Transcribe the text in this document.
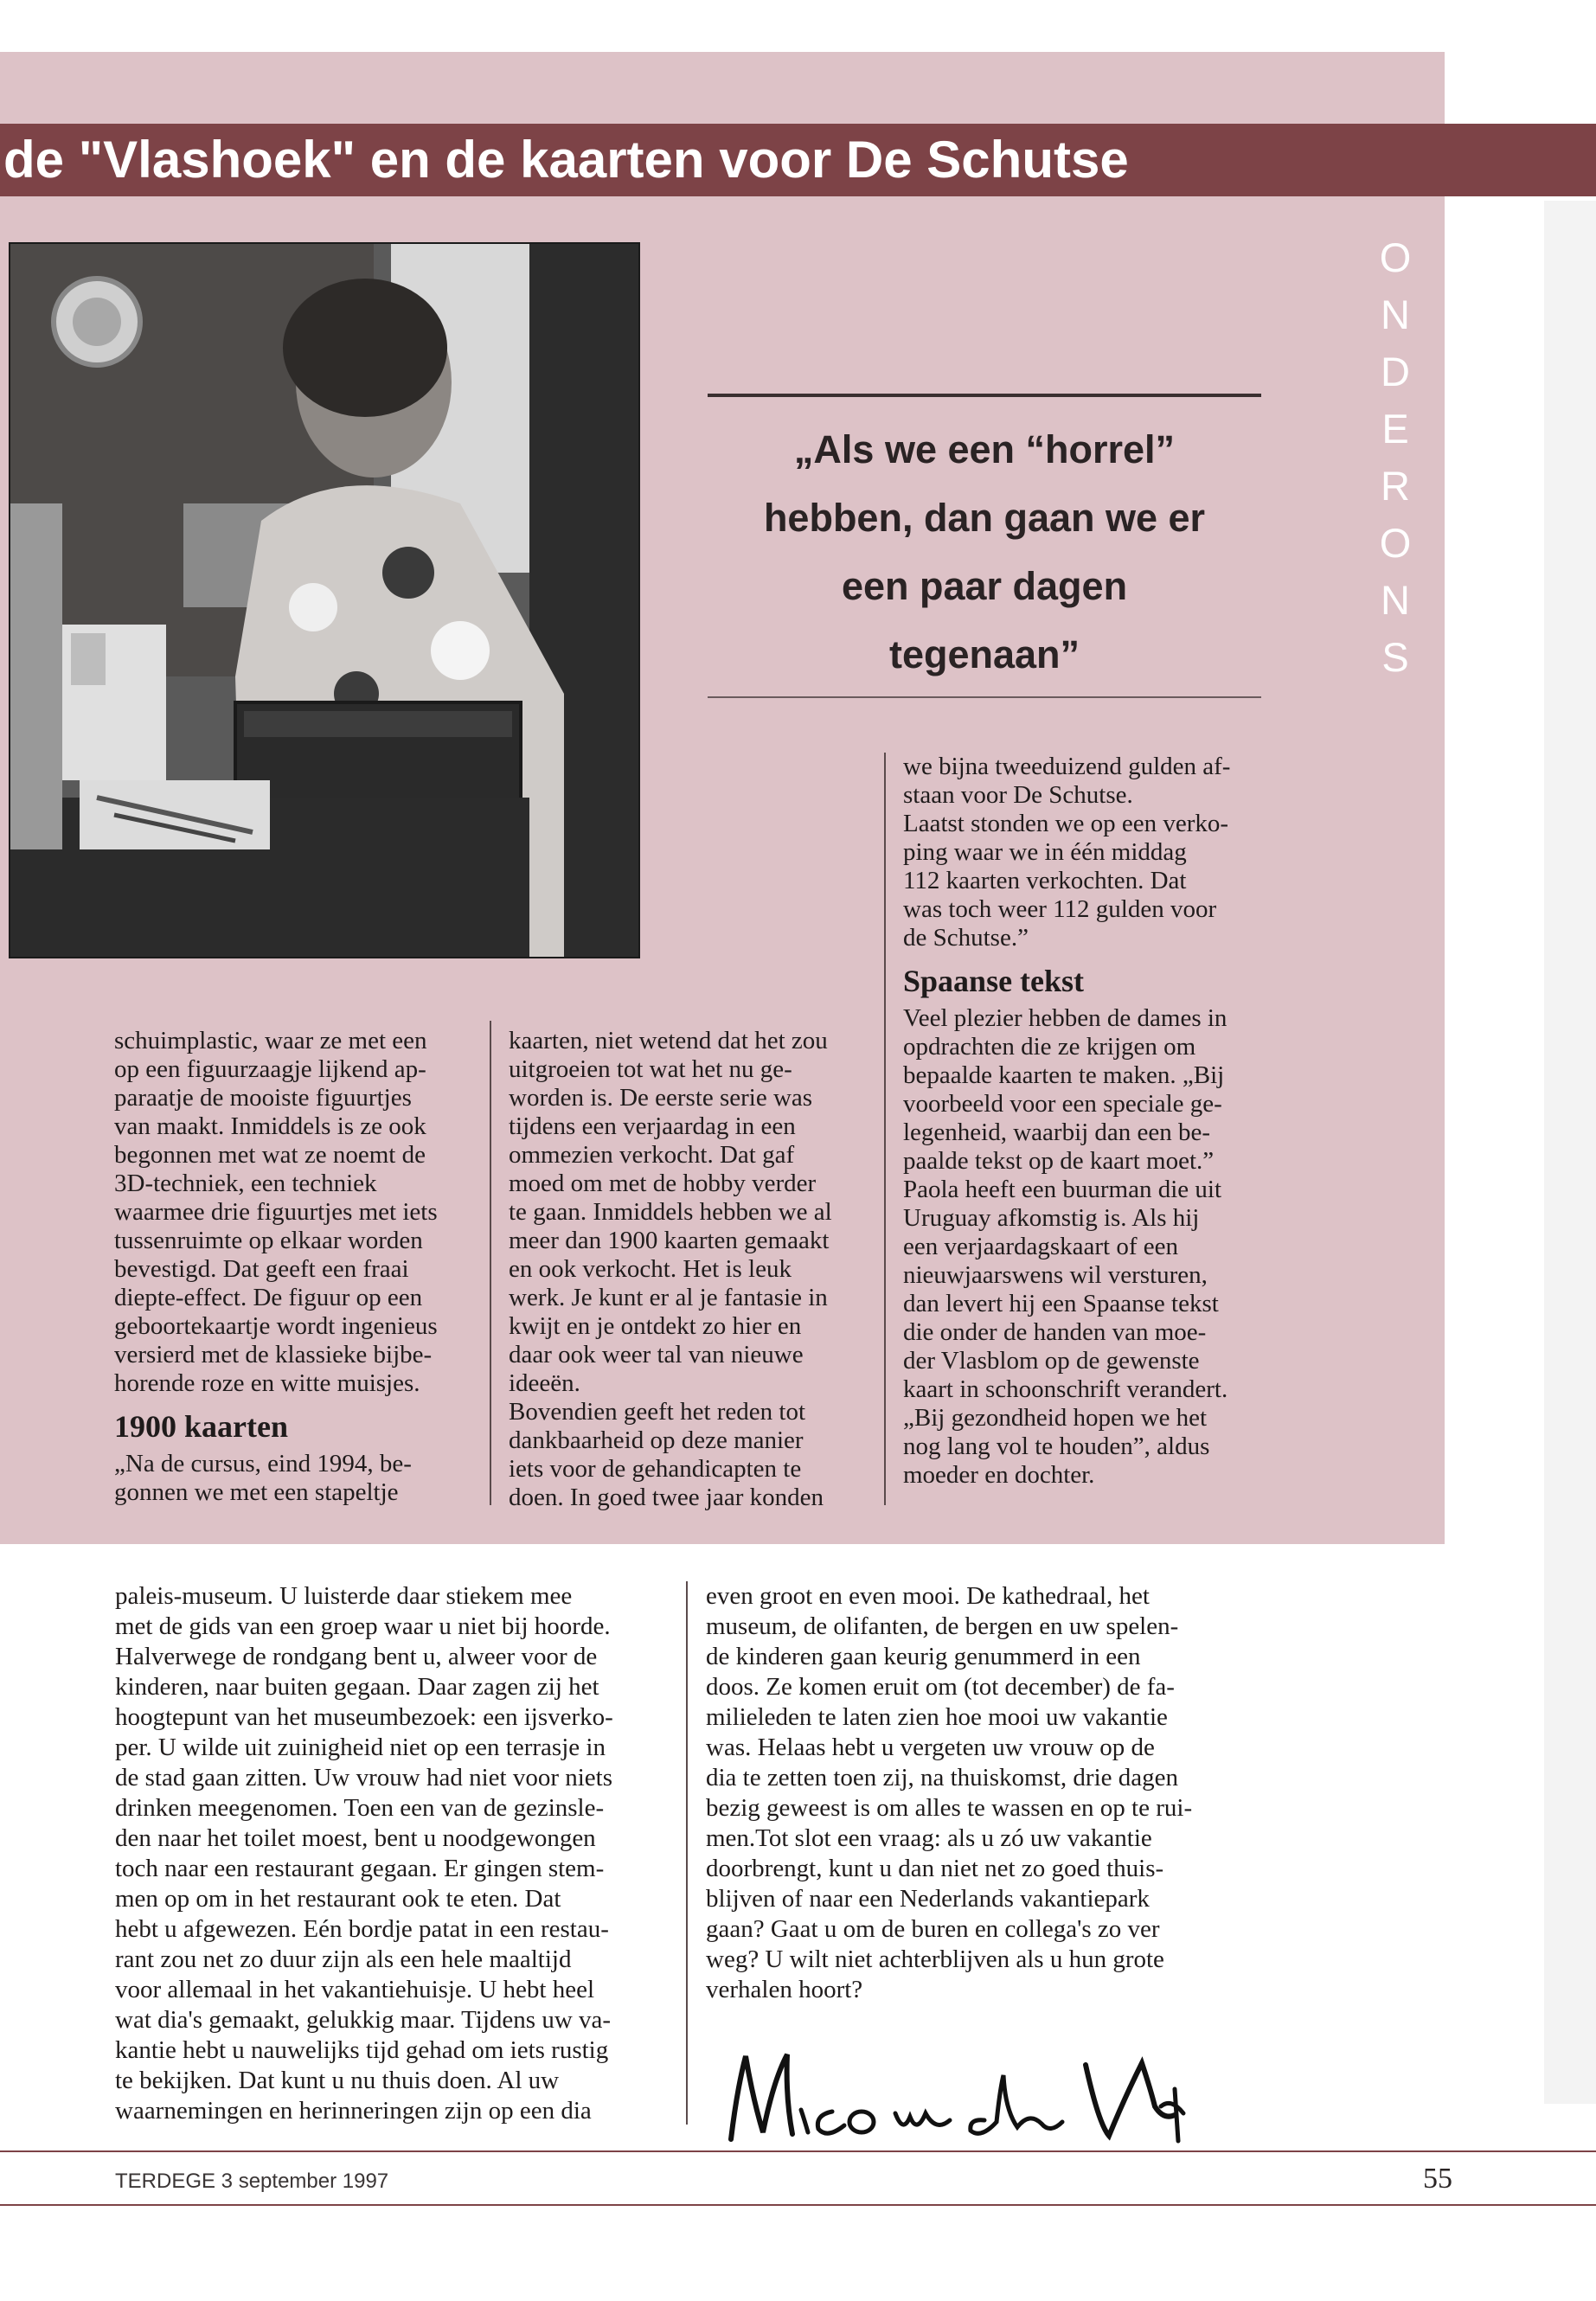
de "Vlashoek" en de kaarten voor De Schutse
O
N
D
E
R
O
N
S
„Als we een “horrel”
hebben, dan gaan we er
een paar dagen
tegenaan”

schuimplastic, waar ze met een

op een figuurzaagje lijkend ap-

paraatje de mooiste figuurtjes

van maakt. Inmiddels is ze ook

begonnen met wat ze noemt de

3D-techniek, een techniek

waarmee drie figuurtjes met iets

tussenruimte op elkaar worden

bevestigd. Dat geeft een fraai

diepte-effect. De figuur op een

geboortekaartje wordt ingenieus

versierd met de klassieke bijbe-

horende roze en witte muisjes.

1900 kaarten

„Na de cursus, eind 1994, be-

gonnen we met een stapeltje

kaarten, niet wetend dat het zou

uitgroeien tot wat het nu ge-

worden is. De eerste serie was

tijdens een verjaardag in een

ommezien verkocht. Dat gaf

moed om met de hobby verder

te gaan. Inmiddels hebben we al

meer dan 1900 kaarten gemaakt

en ook verkocht. Het is leuk

werk. Je kunt er al je fantasie in

kwijt en je ontdekt zo hier en

daar ook weer tal van nieuwe

ideeën.

Bovendien geeft het reden tot

dankbaarheid op deze manier

iets voor de gehandicapten te

doen. In goed twee jaar konden

we bijna tweeduizend gulden af-

staan voor De Schutse.

Laatst stonden we op een verko-

ping waar we in één middag

112 kaarten verkochten. Dat

was toch weer 112 gulden voor

de Schutse.”

Spaanse tekst

Veel plezier hebben de dames in

opdrachten die ze krijgen om

bepaalde kaarten te maken. „Bij

voorbeeld voor een speciale ge-

legenheid, waarbij dan een be-

paalde tekst op de kaart moet.”

Paola heeft een buurman die uit

Uruguay afkomstig is. Als hij

een verjaardagskaart of een

nieuwjaarswens wil versturen,

dan levert hij een Spaanse tekst

die onder de handen van moe-

der Vlasblom op de gewenste

kaart in schoonschrift verandert.

„Bij gezondheid hopen we het

nog lang vol te houden”, aldus

moeder en dochter.

paleis-museum. U luisterde daar stiekem mee

met de gids van een groep waar u niet bij hoorde.

Halverwege de rondgang bent u, alweer voor de

kinderen, naar buiten gegaan. Daar zagen zij het

hoogtepunt van het museumbezoek: een ijsverko-

per. U wilde uit zuinigheid niet op een terrasje in

de stad gaan zitten. Uw vrouw had niet voor niets

drinken meegenomen. Toen een van de gezinsle-

den naar het toilet moest, bent u noodgewongen

toch naar een restaurant gegaan. Er gingen stem-

men op om in het restaurant ook te eten. Dat

hebt u afgewezen. Eén bordje patat in een restau-

rant zou net zo duur zijn als een hele maaltijd

voor allemaal in het vakantiehuisje. U hebt heel

wat dia's gemaakt, gelukkig maar. Tijdens uw va-

kantie hebt u nauwelijks tijd gehad om iets rustig

te bekijken. Dat kunt u nu thuis doen. Al uw

waarnemingen en herinneringen zijn op een dia

even groot en even mooi. De kathedraal, het

museum, de olifanten, de bergen en uw spelen-

de kinderen gaan keurig genummerd in een

doos. Ze komen eruit om (tot december) de fa-

milieleden te laten zien hoe mooi uw vakantie

was. Helaas hebt u vergeten uw vrouw op de

dia te zetten toen zij, na thuiskomst, drie dagen

bezig geweest is om alles te wassen en op te rui-

men.Tot slot een vraag: als u zó uw vakantie

doorbrengt, kunt u dan niet net zo goed thuis-

blijven of naar een Nederlands vakantiepark

gaan? Gaat u om de buren en collega's zo ver

weg? U wilt niet achterblijven als u hun grote

verhalen hoort?

TERDEGE 3 september 1997	55
